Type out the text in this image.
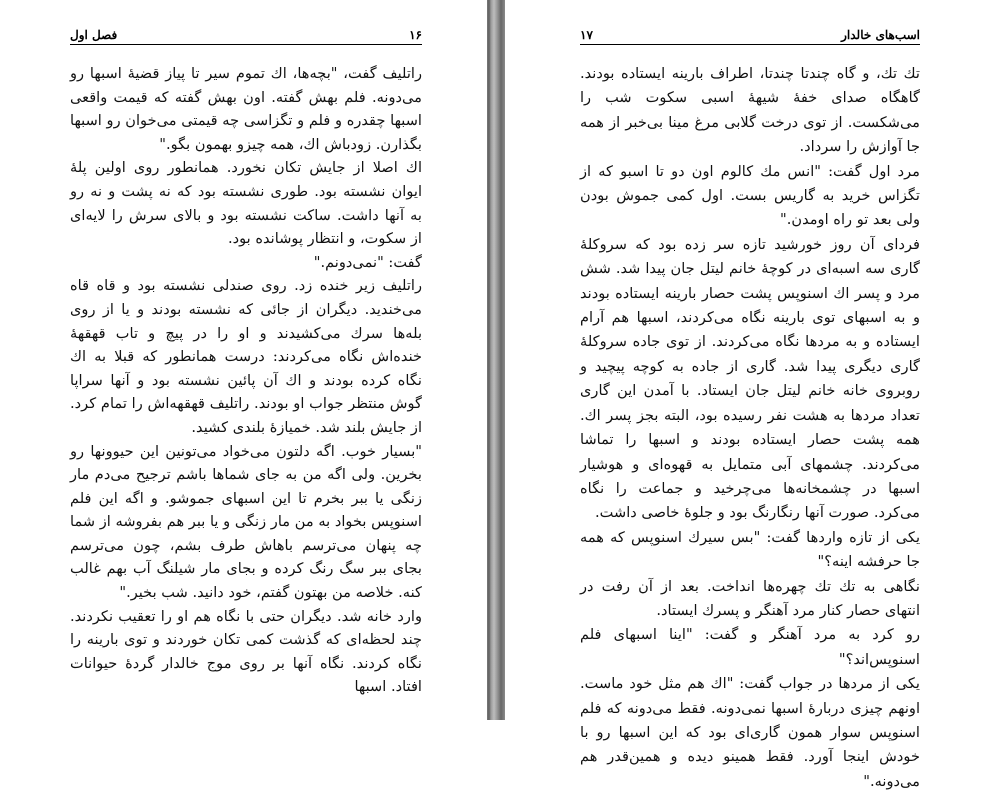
۱۶
فصل اول

راتلیف گفت، "بچه‌ها، اك تموم سیر تا پیاز قضیهٔ اسبها رو می‌دونه. فلم بهش گفته. اون بهش گفته كه قیمت واقعی اسبها چقدره و فلم و تگزاسی چه قیمتی می‌خوان رو اسبها بگذارن. زودباش اك، همه چیزو بهمون بگو."

اك اصلا از جایش تكان نخورد. همانطور روی اولین پلهٔ ایوان نشسته بود. طوری نشسته بود كه نه پشت و نه رو به آنها داشت. ساكت نشسته بود و بالای سرش را لایه‌ای از سكوت، و انتظار پوشانده بود.

گفت: "نمی‌دونم."

راتلیف زیر خنده زد. روی صندلی نشسته بود و قاه قاه می‌خندید. دیگران از جائی كه نشسته بودند و یا از روی بله‌ها سرك می‌كشیدند و او را در پیچ و تاب قهقههٔ خنده‌اش نگاه می‌كردند: درست همانطور كه قبلا به اك نگاه كرده بودند و اك آن پائین نشسته بود و آنها سراپا گوش منتظر جواب او بودند. راتلیف قهقهه‌اش را تمام كرد. از جایش بلند شد. خمیازهٔ بلندی كشید.

"بسیار خوب. اگه دلتون می‌خواد می‌تونین این حیوونها رو بخرین. ولی اگه من به جای شماها باشم ترجیح می‌دم مار زنگی یا ببر بخرم تا این اسبهای جموشو. و اگه این فلم اسنوپس بخواد به من مار زنگی و یا ببر هم بفروشه از شما چه پنهان می‌ترسم باهاش طرف بشم، چون می‌ترسم بجای ببر سگ رنگ كرده و بجای مار شیلنگ آب بهم غالب كنه. خلاصه من بهتون گفتم، خود دانید. شب بخیر."

وارد خانه شد. دیگران حتی با نگاه هم او را تعقیب نكردند. چند لحظه‌ای كه گذشت كمی تكان خوردند و توی بارینه را نگاه كردند. نگاه آنها بر روی موج خالدار گردهٔ حیوانات افتاد. اسبها

اسب‌های خالدار
۱۷

تك تك، و گاه چندتا چندتا، اطراف بارینه ایستاده بودند. گاهگاه صدای خفهٔ شیههٔ اسبی سكوت شب را می‌شكست. از توی درخت گلابی مرغ مینا بی‌خبر از همه جا آوازش را سرداد.

مرد اول گفت: "انس مك كالوم اون دو تا اسبو كه از تگزاس خرید به گاریس بست. اول كمی جموش بودن ولی بعد تو راه اومدن."

فردای آن روز خورشید تازه سر زده بود كه سروكلهٔ گاری سه اسبه‌ای در كوچهٔ خانم لیتل جان پیدا شد. شش مرد و پسر اك اسنوپس پشت حصار بارینه ایستاده بودند و به اسبهای توی بارینه نگاه می‌كردند، اسبها هم آرام ایستاده و به مردها نگاه می‌كردند. از توی جاده سروكلهٔ گاری دیگری پیدا شد. گاری از جاده به كوچه پیچید و روبروی خانه خانم لیتل جان ایستاد. با آمدن این گاری تعداد مردها به هشت نفر رسیده بود، البته بجز پسر اك. همه پشت حصار ایستاده بودند و اسبها را تماشا می‌كردند. چشمهای آبی متمایل به قهوه‌ای و هوشیار اسبها در چشمخانه‌ها می‌چرخید و جماعت را نگاه می‌كرد. صورت آنها رنگارنگ بود و جلوهٔ خاصی داشت.

یكی از تازه واردها گفت: "بس سیرك اسنوپس كه همه جا حرفشه اینه؟"

نگاهی به تك تك چهره‌ها انداخت. بعد از آن رفت در انتهای حصار كنار مرد آهنگر و پسرك ایستاد.

رو كرد به مرد آهنگر و گفت: "اینا اسبهای فلم اسنوپس‌اند؟"

یكی از مردها در جواب گفت: "اك هم مثل خود ماست. اونهم چیزی دربارهٔ اسبها نمی‌دونه. فقط می‌دونه كه فلم اسنوپس سوار همون گاری‌ای بود كه این اسبها رو با خودش اینجا آورد. فقط همینو دیده و همین‌قدر هم می‌دونه."
